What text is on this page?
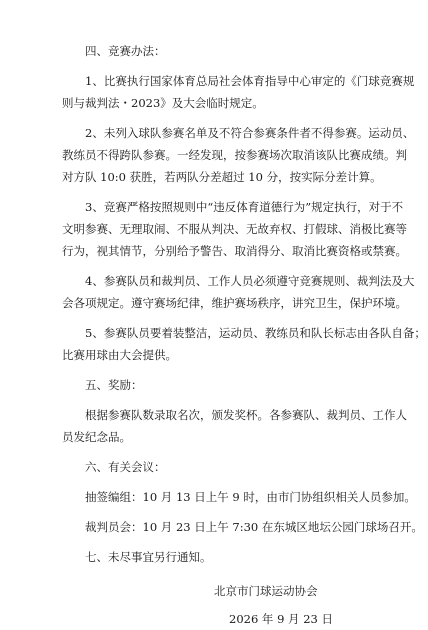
四、竞赛办法：
1、比赛执行国家体育总局社会体育指导中心审定的《门球竞赛规
则与裁判法・2023》及大会临时规定。
2、未列入球队参赛名单及不符合参赛条件者不得参赛。运动员、
教练员不得跨队参赛。一经发现，按参赛场次取消该队比赛成绩。判
对方队 10:0 获胜，若两队分差超过 10 分，按实际分差计算。
3、竞赛严格按照规则中“违反体育道德行为”规定执行，对于不
文明参赛、无理取闹、不服从判决、无故弃权、打假球、消极比赛等
行为，视其情节，分别给予警告、取消得分、取消比赛资格或禁赛。
4、参赛队员和裁判员、工作人员必须遵守竞赛规则、裁判法及大
会各项规定。遵守赛场纪律，维护赛场秩序，讲究卫生，保护环境。
5、参赛队员要着装整洁，运动员、教练员和队长标志由各队自备；
比赛用球由大会提供。
五、奖励：
根据参赛队数录取名次，颁发奖杯。各参赛队、裁判员、工作人
员发纪念品。
六、有关会议：
抽签编组：10 月 13 日上午 9 时，由市门协组织相关人员参加。
裁判员会：10 月 23 日上午 7:30 在东城区地坛公园门球场召开。
七、未尽事宜另行通知。
北京市门球运动协会
2026 年 9 月 23 日
